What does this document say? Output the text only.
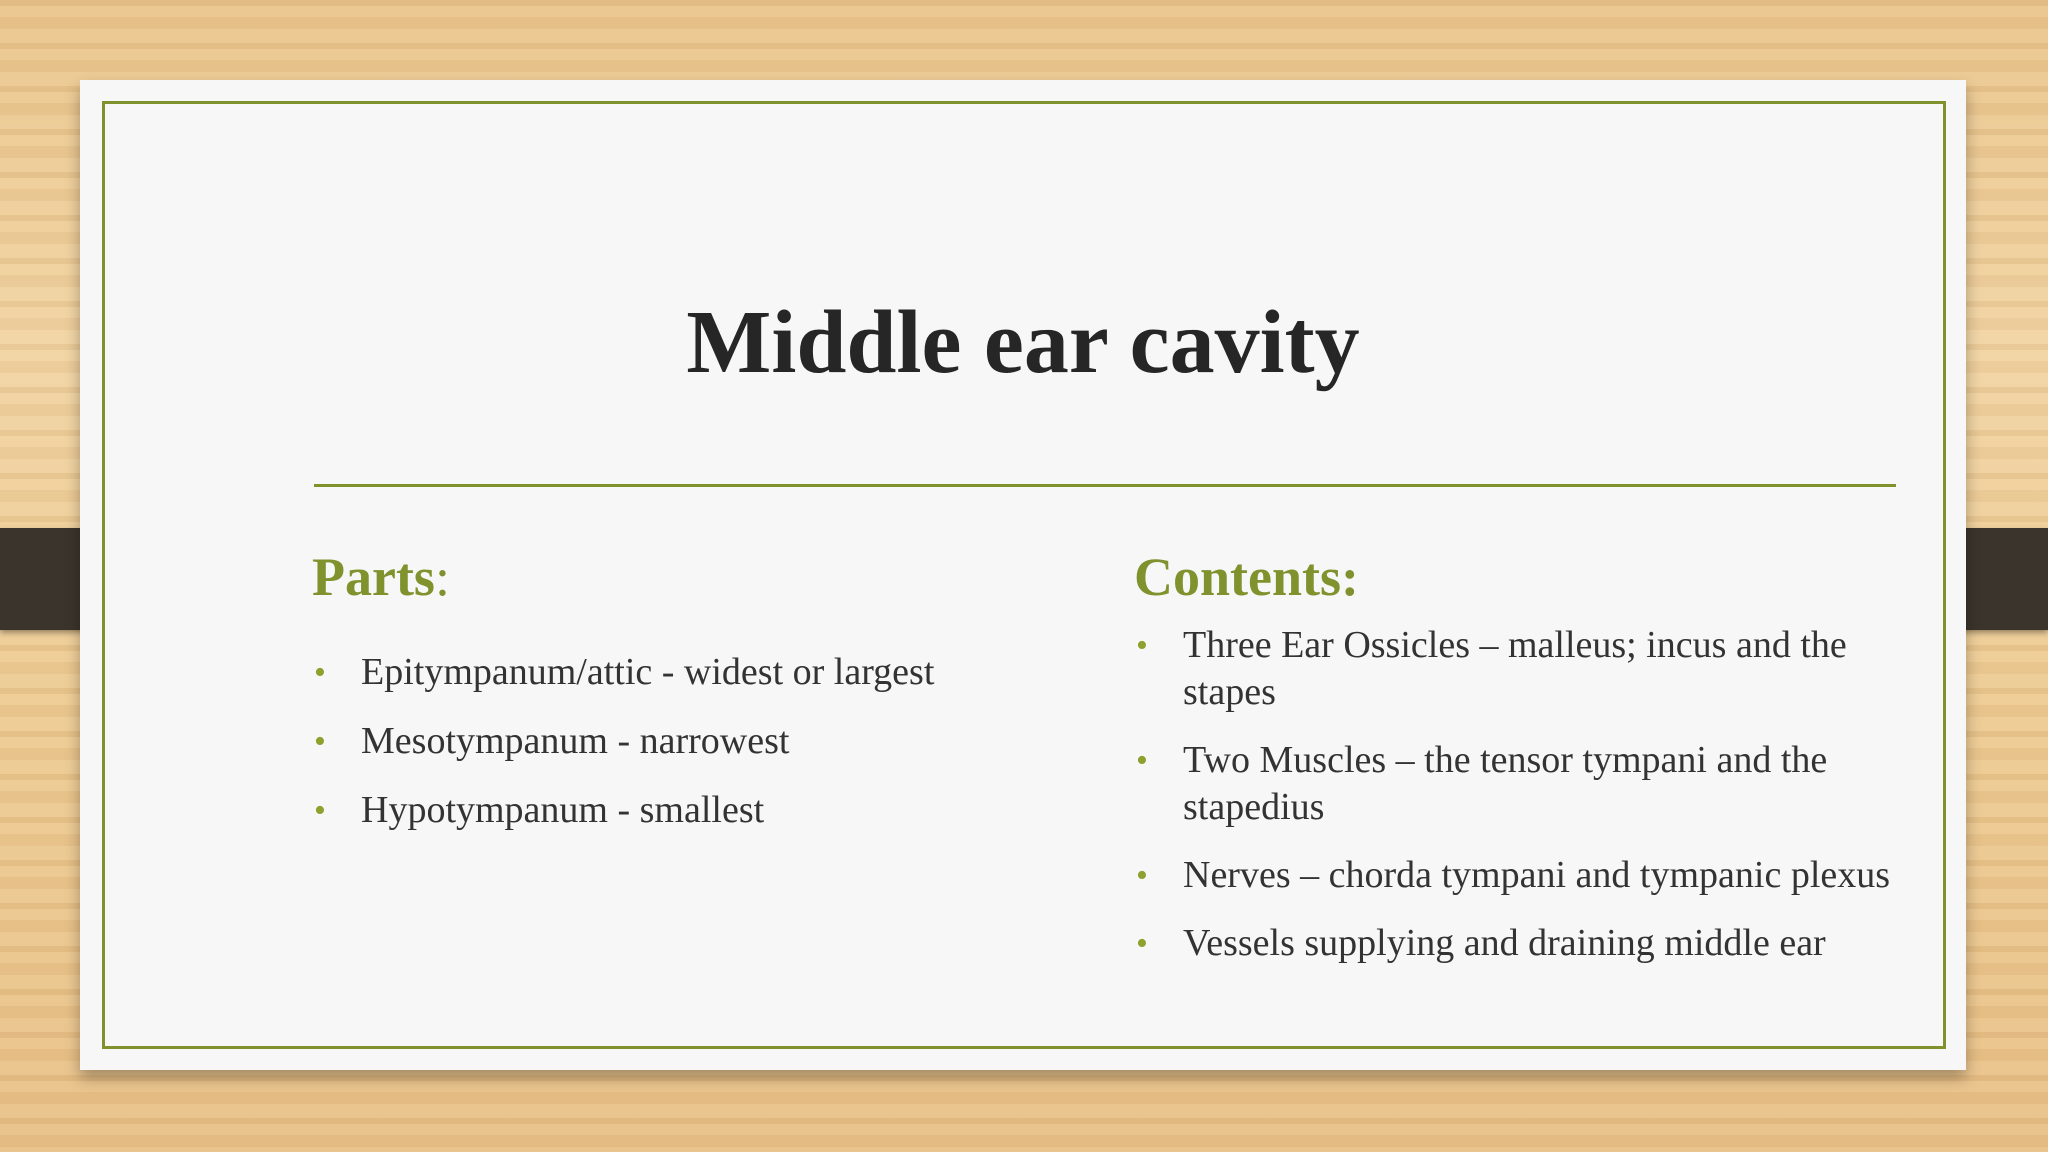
Middle ear cavity
Parts:
• Epitympanum/attic - widest or largest
• Mesotympanum - narrowest
• Hypotympanum - smallest
Contents:
• Three Ear Ossicles – malleus; incus and the stapes
• Two Muscles – the tensor tympani and the stapedius
• Nerves – chorda tympani and tympanic plexus
• Vessels supplying and draining middle ear
